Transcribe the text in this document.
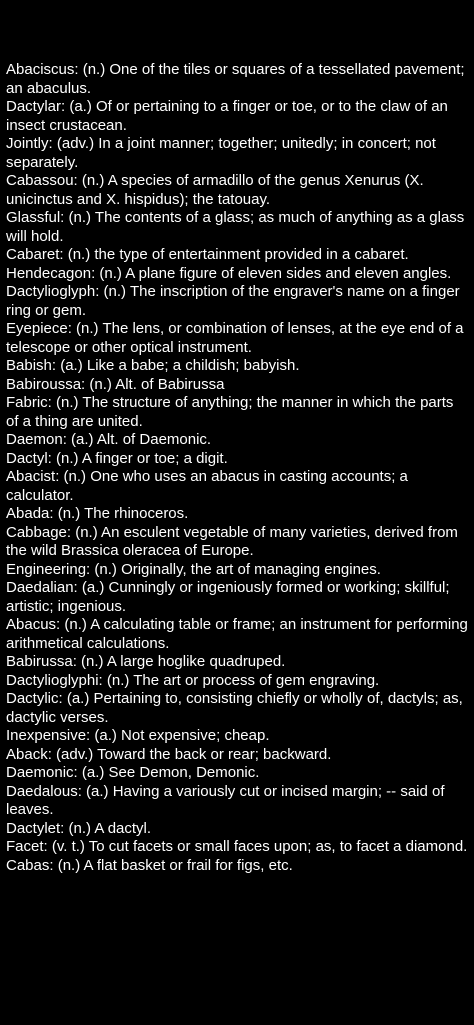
Abaciscus: (n.) One of the tiles or squares of a tessellated pavement; an abaculus.
Dactylar: (a.) Of or pertaining to a finger or toe, or to the claw of an insect crustacean.
Jointly: (adv.) In a joint manner; together; unitedly; in concert; not separately.
Cabassou: (n.) A species of armadillo of the genus Xenurus (X. unicinctus and X. hispidus); the tatouay.
Glassful: (n.) The contents of a glass; as much of anything as a glass will hold.
Cabaret: (n.) the type of entertainment provided in a cabaret.
Hendecagon: (n.) A plane figure of eleven sides and eleven angles.
Dactylioglyph: (n.) The inscription of the engraver's name on a finger ring or gem.
Eyepiece: (n.) The lens, or combination of lenses, at the eye end of a telescope or other optical instrument.
Babish: (a.) Like a babe; a childish; babyish.
Babiroussa: (n.) Alt. of Babirussa
Fabric: (n.) The structure of anything; the manner in which the parts of a thing are united.
Daemon: (a.) Alt. of Daemonic.
Dactyl: (n.) A finger or toe; a digit.
Abacist: (n.) One who uses an abacus in casting accounts; a calculator.
Abada: (n.) The rhinoceros.
Cabbage: (n.) An esculent vegetable of many varieties, derived from the wild Brassica oleracea of Europe.
Engineering: (n.) Originally, the art of managing engines.
Daedalian: (a.) Cunningly or ingeniously formed or working; skillful; artistic; ingenious.
Abacus: (n.) A calculating table or frame; an instrument for performing arithmetical calculations.
Babirussa: (n.) A large hoglike quadruped.
Dactylioglyphi: (n.) The art or process of gem engraving.
Dactylic: (a.) Pertaining to, consisting chiefly or wholly of, dactyls; as, dactylic verses.
Inexpensive: (a.) Not expensive; cheap.
Aback: (adv.) Toward the back or rear; backward.
Daemonic: (a.) See Demon, Demonic.
Daedalous: (a.) Having a variously cut or incised margin; -- said of leaves.
Dactylet: (n.) A dactyl.
Facet: (v. t.) To cut facets or small faces upon; as, to facet a diamond.
Cabas: (n.) A flat basket or frail for figs, etc.
